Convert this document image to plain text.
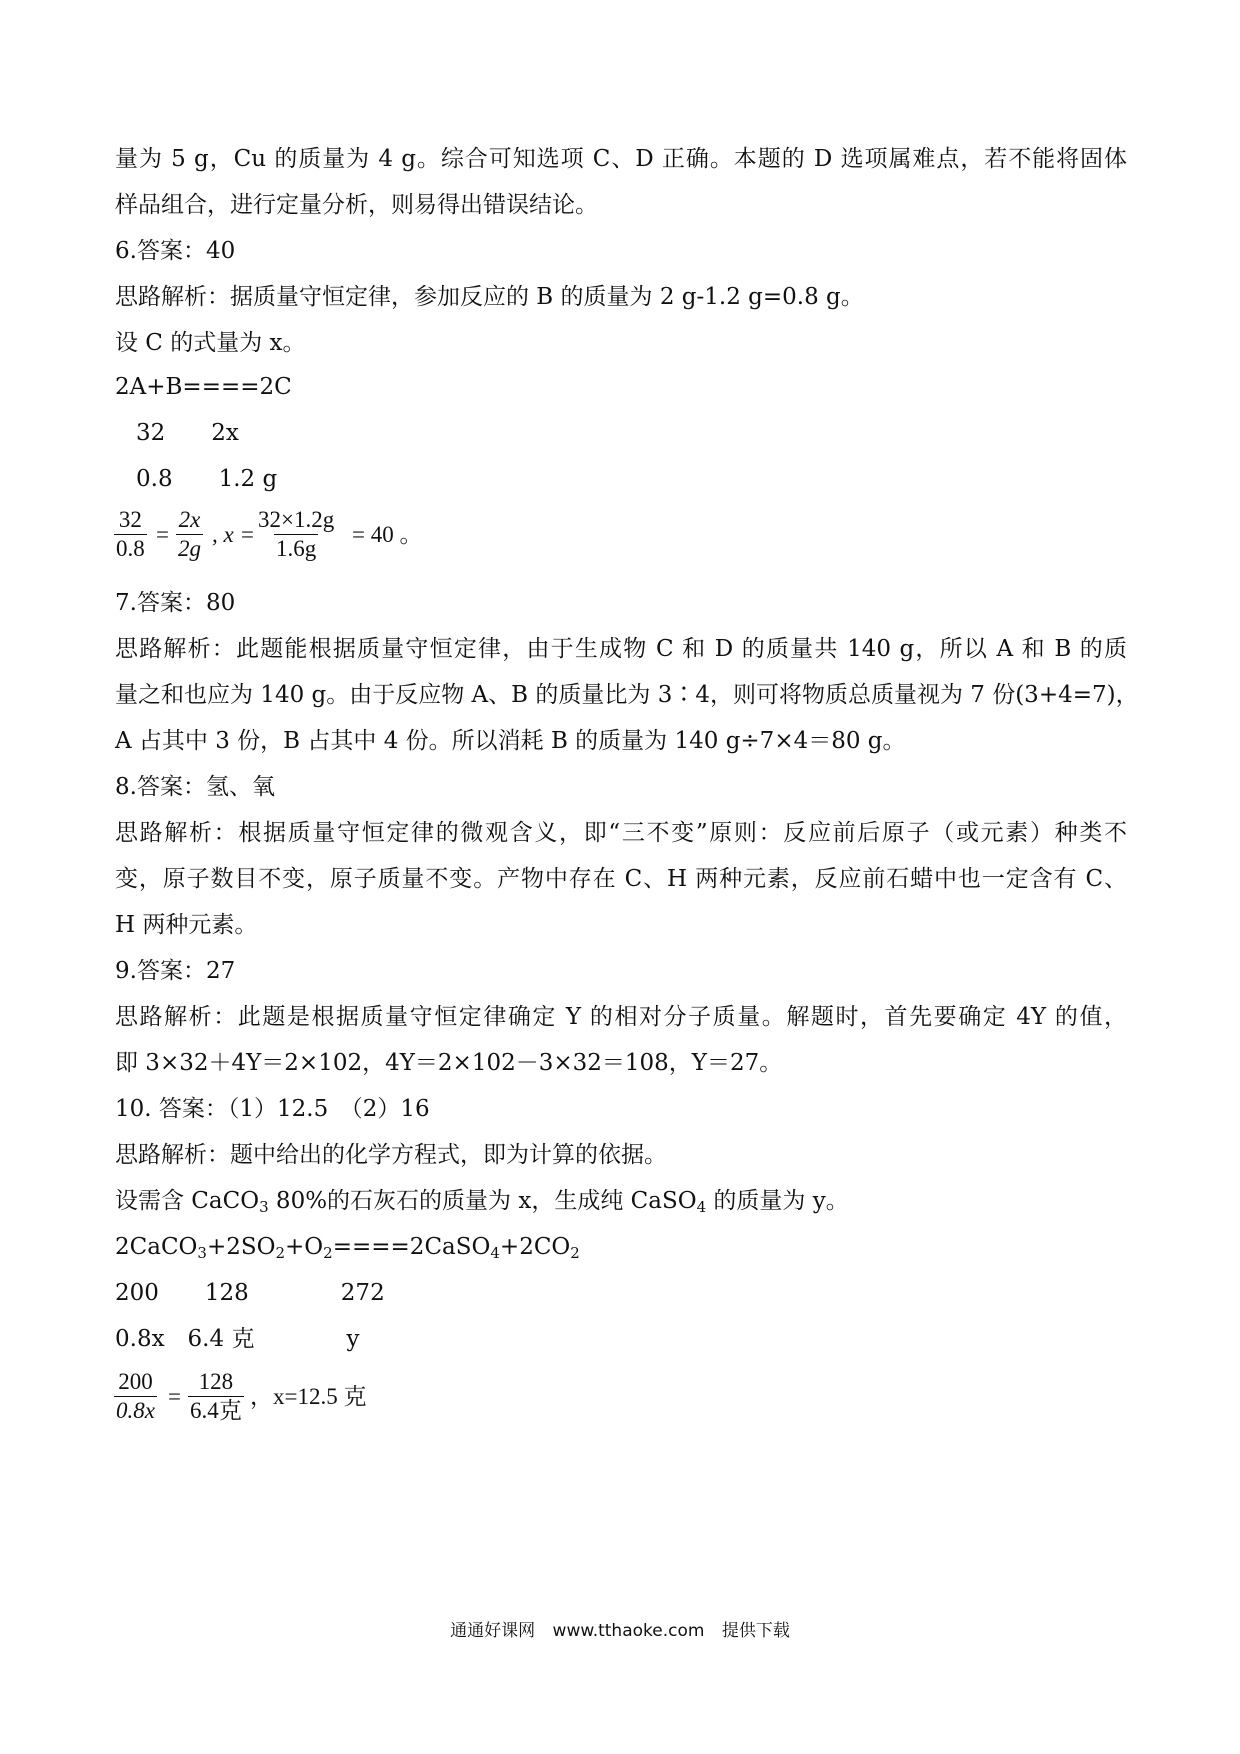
量为 5 g，Cu 的质量为 4 g。综合可知选项 C、D 正确。本题的 D 选项属难点，若不能将固体
样品组合，进行定量分析，则易得出错误结论。
6.答案：40
思路解析：据质量守恒定律，参加反应的 B 的质量为 2 g-1.2 g=0.8 g。
设 C 的式量为 x。
2A+B====2C
32　　2x
0.8　　1.2 g
$\frac{32}{0.8} = \frac{2x}{2g}$ , $x = \frac{32\times 1.2g}{1.6g} = 40$ 。
7.答案：80
思路解析：此题能根据质量守恒定律，由于生成物 C 和 D 的质量共 140 g，所以 A 和 B 的质
量之和也应为 140 g。由于反应物 A、B 的质量比为 3∶4，则可将物质总质量视为 7 份(3+4=7)，
A 占其中 3 份，B 占其中 4 份。所以消耗 B 的质量为 140 g÷7×4＝80 g。
8.答案：氢、氧
思路解析：根据质量守恒定律的微观含义，即“三不变”原则：反应前后原子（或元素）种类不
变，原子数目不变，原子质量不变。产物中存在 C、H 两种元素，反应前石蜡中也一定含有 C、
H 两种元素。
9.答案：27
思路解析：此题是根据质量守恒定律确定 Y 的相对分子质量。解题时，首先要确定 4Y 的值，
即 3×32＋4Y＝2×102，4Y＝2×102－3×32＝108，Y＝27。
10. 答案：（1）12.5　（2）16
思路解析：题中给出的化学方程式，即为计算的依据。
设需含 CaCO$_3$ 80%的石灰石的质量为 x，生成纯 CaSO$_4$ 的质量为 y。
$2CaCO_3+2SO_2+O_2====2CaSO_4+2CO_2$
200　　128　　　　272
0.8x　6.4 克　　　　y
$\frac{200}{0.8x}$ =
128
6.4克
，x=12.5 克
通通好课网 www.tthaoke.com 提供下载
